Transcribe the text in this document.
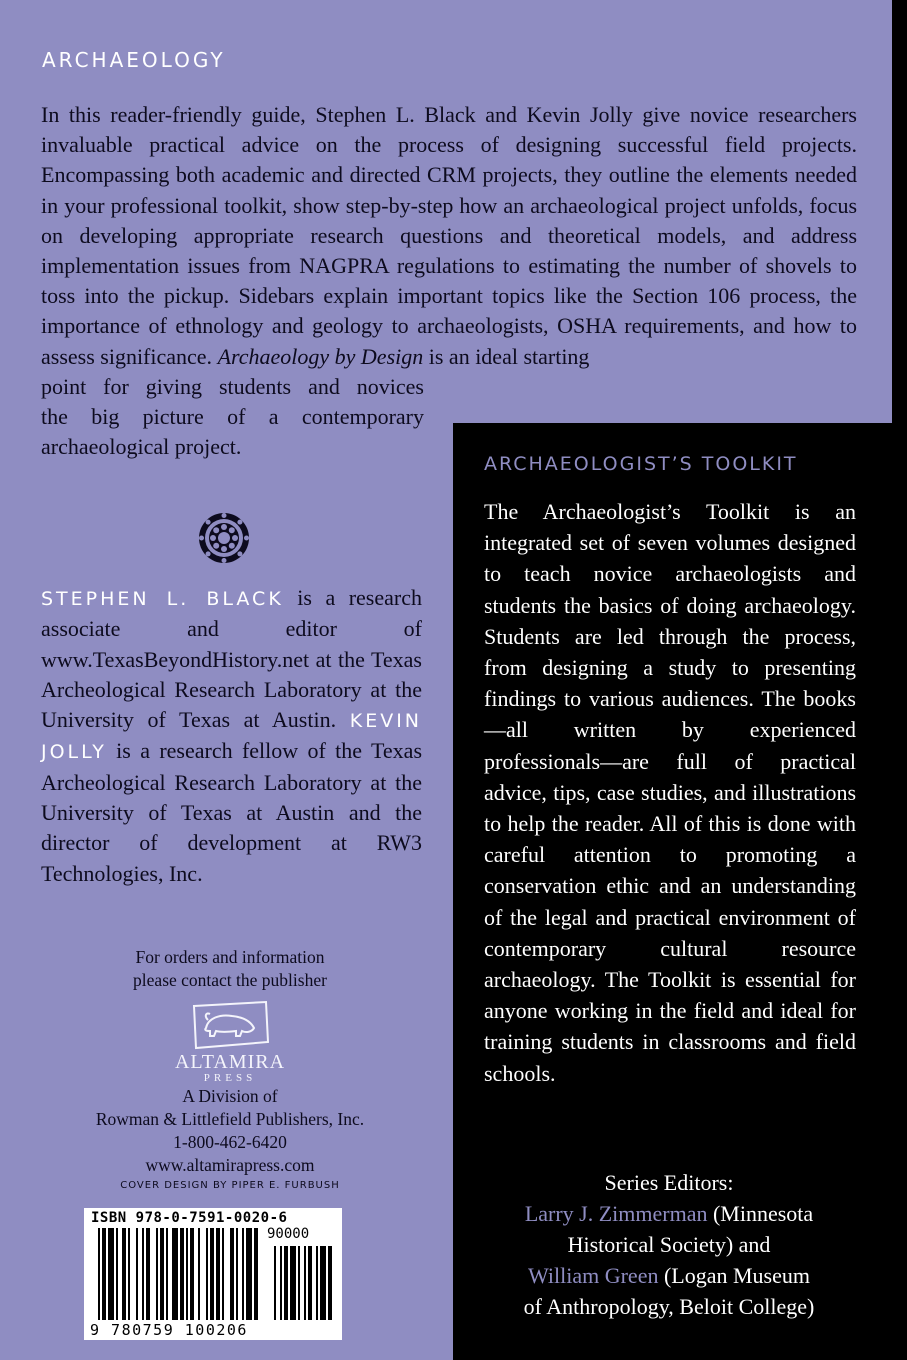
ARCHAEOLOGY

In this reader-friendly guide, Stephen L. Black and Kevin Jolly give novice researchers invaluable practical advice on the process of designing successful field projects. Encompassing both academic and directed CRM projects, they outline the elements needed in your professional toolkit, show step-by-step how an archaeological project unfolds, focus on developing appropriate research questions and theoretical models, and address implementation issues from NAGPRA regulations to estimating the number of shovels to toss into the pickup. Sidebars explain important topics like the Section 106 process, the importance of ethnology and geology to archaeologists, OSHA requirements, and how to assess significance. Archaeology by Design is an ideal starting
point for giving students and novices
the big picture of a contemporary
archaeological project.

STEPHEN L. BLACK is a research associate and editor of www.TexasBeyondHistory.net at the Texas Archeological Research Laboratory at the University of Texas at Austin. KEVIN JOLLY is a research fellow of the Texas Archeological Research Laboratory at the University of Texas at Austin and the director of development at RW3 Technologies, Inc.

For orders and information
please contact the publisher
ALTAMIRA
PRESS
A Division of
Rowman & Littlefield Publishers, Inc.
1-800-462-6420
www.altamirapress.com
COVER DESIGN BY PIPER E. FURBUSH
ISBN 978-0-7591-0020-6
90000
9 780759 100206
ARCHAEOLOGIST’S TOOLKIT

The Archaeologist’s Toolkit is an integrated set of seven volumes designed to teach novice archaeologists and students the basics of doing archaeology. Students are led through the process, from designing a study to presenting findings to various audiences. The books—all written by experienced professionals—are full of practical advice, tips, case studies, and illustrations to help the reader. All of this is done with careful attention to promoting a conservation ethic and an understanding of the legal and practical environment of contemporary cultural resource archaeology. The Toolkit is essential for anyone working in the field and ideal for training students in classrooms and field schools.

Series Editors:
Larry J. Zimmerman (Minnesota
Historical Society) and
William Green (Logan Museum
of Anthropology, Beloit College)
